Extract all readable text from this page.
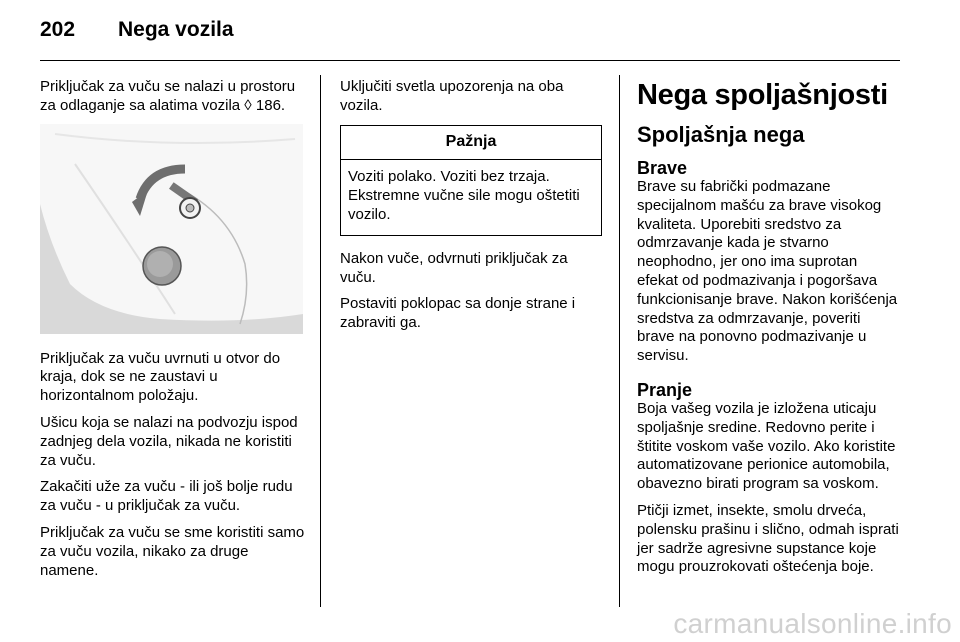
202 Nega vozila

Priključak za vuču se nalazi u prostoru za odlaganje sa alatima vozila ◊ 186.

Priključak za vuču uvrnuti u otvor do kraja, dok se ne zaustavi u horizontalnom položaju.

Ušicu koja se nalazi na podvozju ispod zadnjeg dela vozila, nikada ne koristiti za vuču.

Zakačiti uže za vuču - ili još bolje rudu za vuču - u priključak za vuču.

Priključak za vuču se sme koristiti samo za vuču vozila, nikako za druge namene.

Uključiti svetla upozorenja na oba vozila.

Pažnja
Voziti polako. Voziti bez trzaja. Ekstremne vučne sile mogu oštetiti vozilo.

Nakon vuče, odvrnuti priključak za vuču.

Postaviti poklopac sa donje strane i zabraviti ga.

Nega spoljašnjosti
Spoljašnja nega
Brave

Brave su fabrički podmazane specijalnom mašću za brave visokog kvaliteta. Uporebiti sredstvo za odmrzavanje kada je stvarno neophodno, jer ono ima suprotan efekat od podmazivanja i pogoršava funkcionisanje brave. Nakon korišćenja sredstva za odmrzavanje, poveriti brave na ponovno podmazivanje u servisu.

Pranje

Boja vašeg vozila je izložena uticaju spoljašnje sredine. Redovno perite i štitite voskom vaše vozilo. Ako koristite automatizovane perionice automobila, obavezno birati program sa voskom.

Ptičji izmet, insekte, smolu drveća, polensku prašinu i slično, odmah isprati jer sadrže agresivne supstance koje mogu prouzrokovati oštećenja boje.

carmanualsonline.info
